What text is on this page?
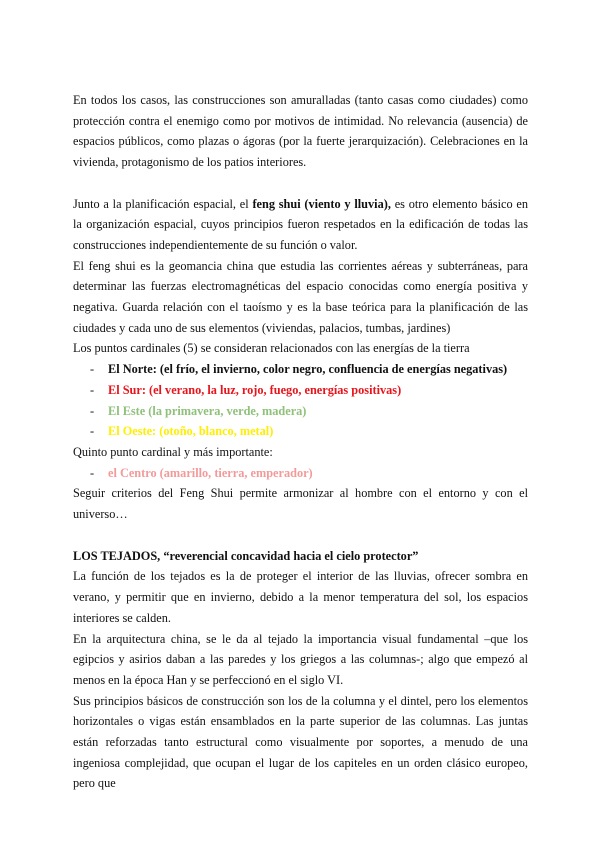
En todos los casos, las construcciones son amuralladas (tanto casas como ciudades) como protección contra el enemigo como por motivos de intimidad. No relevancia (ausencia) de espacios públicos, como plazas o ágoras (por la fuerte jerarquización). Celebraciones en la vivienda, protagonismo de los patios interiores.

Junto a la planificación espacial, el feng shui (viento y lluvia), es otro elemento básico en la organización espacial, cuyos principios fueron respetados en la edificación de todas las construcciones independientemente de su función o valor.

El feng shui es la geomancia china que estudia las corrientes aéreas y subterráneas, para determinar las fuerzas electromagnéticas del espacio conocidas como energía positiva y negativa. Guarda relación con el taoísmo y es la base teórica para la planificación de las ciudades y cada uno de sus elementos (viviendas, palacios, tumbas, jardines)

Los puntos cardinales (5) se consideran relacionados con las energías de la tierra

- El Norte: (el frío, el invierno, color negro, confluencia de energías negativas)
- El Sur: (el verano, la luz, rojo, fuego, energías positivas)
- El Este (la primavera, verde, madera)
- El Oeste: (otoño, blanco, metal)

Quinto punto cardinal y más importante:

- el Centro (amarillo, tierra, emperador)

Seguir criterios del Feng Shui permite armonizar al hombre con el entorno y con el universo…

LOS TEJADOS, “reverencial concavidad hacia el cielo protector”

La función de los tejados es la de proteger el interior de las lluvias, ofrecer sombra en verano, y permitir que en invierno, debido a la menor temperatura del sol, los espacios interiores se calden.

En la arquitectura china, se le da al tejado la importancia visual fundamental –que los egipcios y asirios daban a las paredes y los griegos a las columnas-; algo que empezó al menos en la época Han y se perfeccionó en el siglo VI.

Sus principios básicos de construcción son los de la columna y el dintel, pero los elementos horizontales o vigas están ensamblados en la parte superior de las columnas. Las juntas están reforzadas tanto estructural como visualmente por soportes, a menudo de una ingeniosa complejidad, que ocupan el lugar de los capiteles en un orden clásico europeo, pero que
